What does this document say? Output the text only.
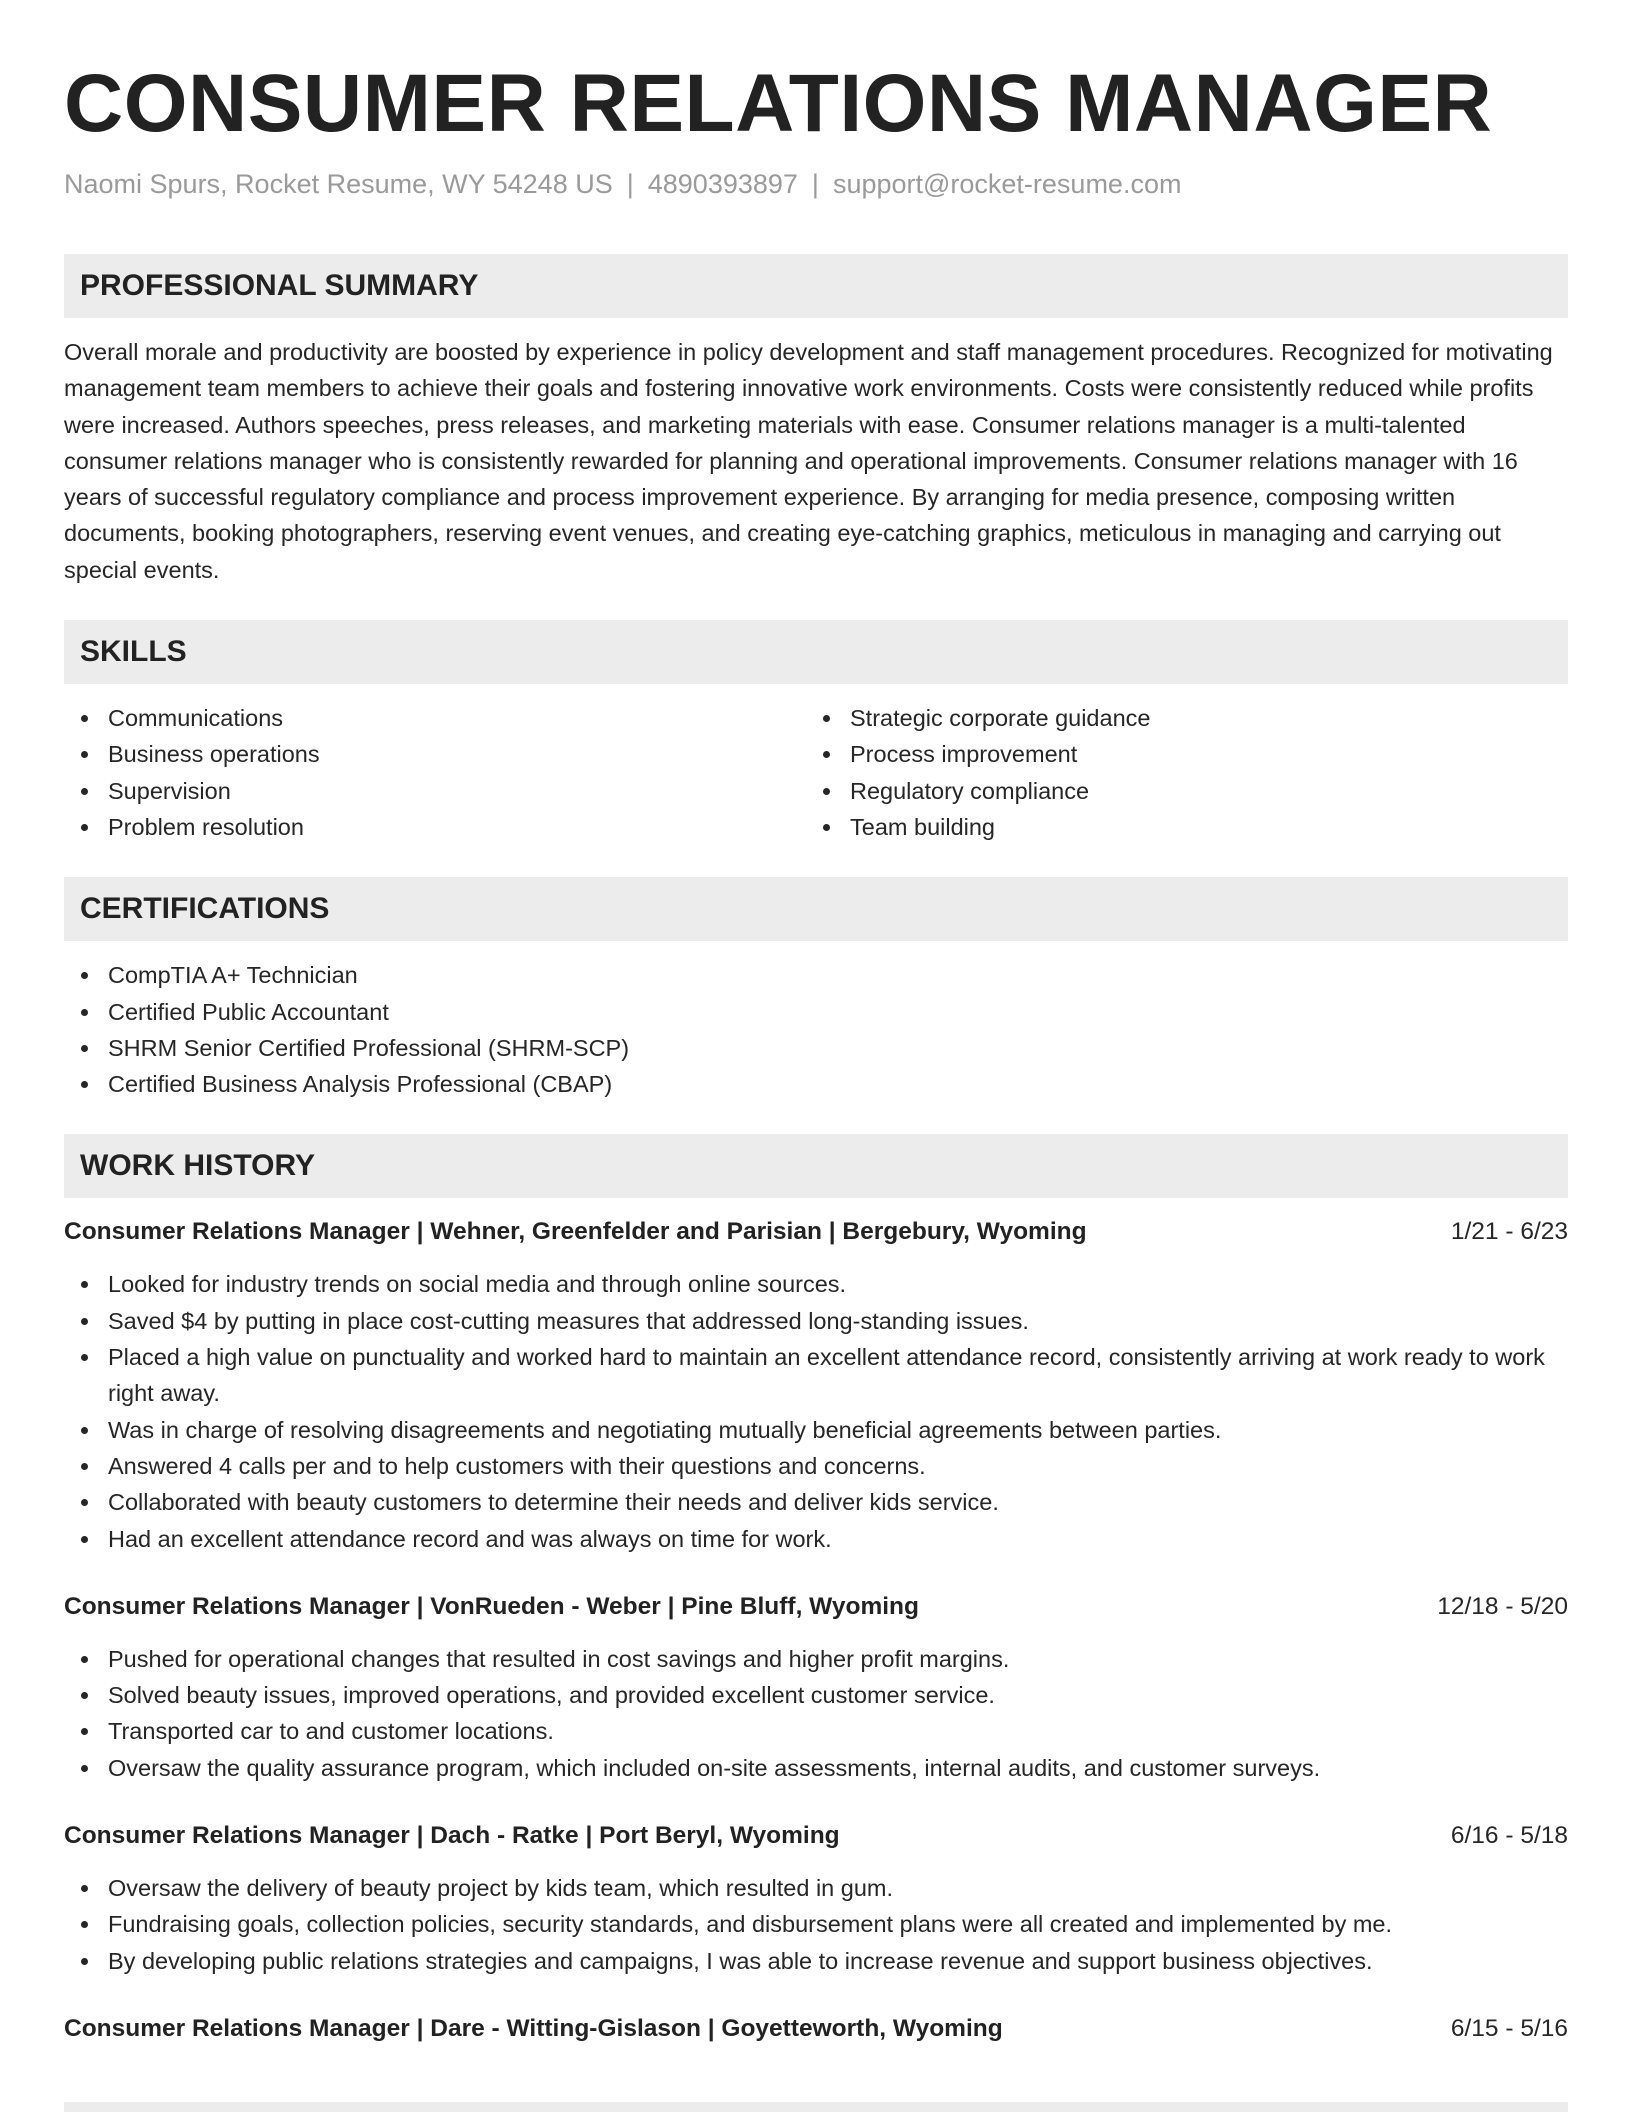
CONSUMER RELATIONS MANAGER
Naomi Spurs, Rocket Resume, WY 54248 US | 4890393897 | support@rocket-resume.com
PROFESSIONAL SUMMARY
Overall morale and productivity are boosted by experience in policy development and staff management procedures. Recognized for motivating management team members to achieve their goals and fostering innovative work environments. Costs were consistently reduced while profits were increased. Authors speeches, press releases, and marketing materials with ease. Consumer relations manager is a multi-talented consumer relations manager who is consistently rewarded for planning and operational improvements. Consumer relations manager with 16 years of successful regulatory compliance and process improvement experience. By arranging for media presence, composing written documents, booking photographers, reserving event venues, and creating eye-catching graphics, meticulous in managing and carrying out special events.
SKILLS
Communications
Business operations
Supervision
Problem resolution
Strategic corporate guidance
Process improvement
Regulatory compliance
Team building
CERTIFICATIONS
CompTIA A+ Technician
Certified Public Accountant
SHRM Senior Certified Professional (SHRM-SCP)
Certified Business Analysis Professional (CBAP)
WORK HISTORY
Consumer Relations Manager | Wehner, Greenfelder and Parisian | Bergebury, Wyoming	1/21 - 6/23
Looked for industry trends on social media and through online sources.
Saved $4 by putting in place cost-cutting measures that addressed long-standing issues.
Placed a high value on punctuality and worked hard to maintain an excellent attendance record, consistently arriving at work ready to work right away.
Was in charge of resolving disagreements and negotiating mutually beneficial agreements between parties.
Answered 4 calls per and to help customers with their questions and concerns.
Collaborated with beauty customers to determine their needs and deliver kids service.
Had an excellent attendance record and was always on time for work.
Consumer Relations Manager | VonRueden - Weber | Pine Bluff, Wyoming	12/18 - 5/20
Pushed for operational changes that resulted in cost savings and higher profit margins.
Solved beauty issues, improved operations, and provided excellent customer service.
Transported car to and customer locations.
Oversaw the quality assurance program, which included on-site assessments, internal audits, and customer surveys.
Consumer Relations Manager | Dach - Ratke | Port Beryl, Wyoming	6/16 - 5/18
Oversaw the delivery of beauty project by kids team, which resulted in gum.
Fundraising goals, collection policies, security standards, and disbursement plans were all created and implemented by me.
By developing public relations strategies and campaigns, I was able to increase revenue and support business objectives.
Consumer Relations Manager | Dare - Witting-Gislason | Goyetteworth, Wyoming	6/15 - 5/16
